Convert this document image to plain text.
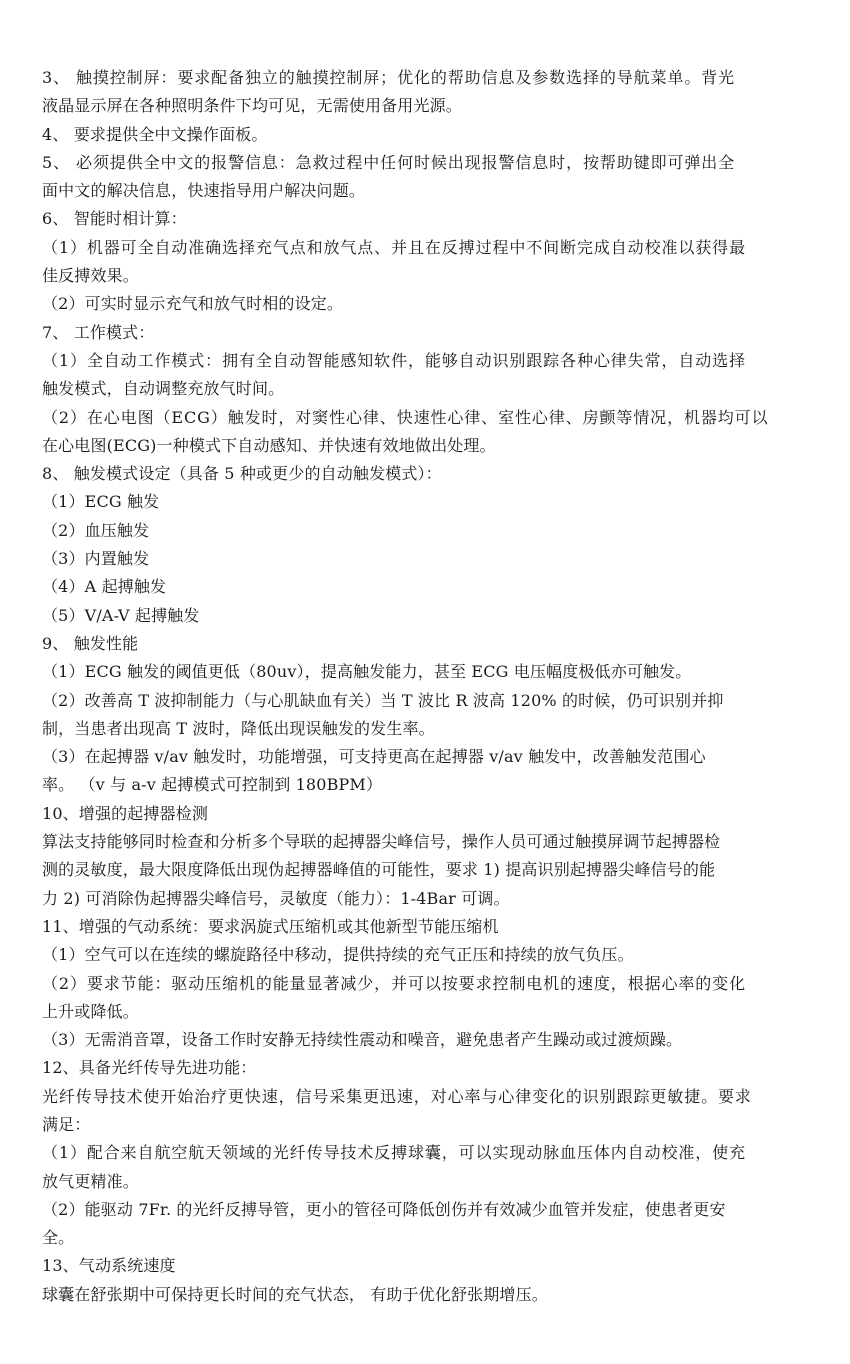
3、 触摸控制屏：要求配备独立的触摸控制屏；优化的帮助信息及参数选择的导航菜单。背光
液晶显示屏在各种照明条件下均可见，无需使用备用光源。
4、 要求提供全中文操作面板。
5、 必须提供全中文的报警信息：急救过程中任何时候出现报警信息时，按帮助键即可弹出全
面中文的解决信息，快速指导用户解决问题。
6、 智能时相计算：
（1）机器可全自动准确选择充气点和放气点、并且在反搏过程中不间断完成自动校准以获得最
佳反搏效果。
（2）可实时显示充气和放气时相的设定。
7、 工作模式：
（1）全自动工作模式：拥有全自动智能感知软件，能够自动识别跟踪各种心律失常，自动选择
触发模式，自动调整充放气时间。
（2）在心电图（ECG）触发时，对窦性心律、快速性心律、室性心律、房颤等情况，机器均可以
在心电图(ECG)一种模式下自动感知、并快速有效地做出处理。
8、 触发模式设定（具备 5 种或更少的自动触发模式）：
（1）ECG 触发
（2）血压触发
（3）内置触发
（4）A 起搏触发
（5）V/A-V 起搏触发
9、 触发性能
（1）ECG 触发的阈值更低（80uv），提高触发能力，甚至 ECG 电压幅度极低亦可触发。
（2）改善高 T 波抑制能力（与心肌缺血有关）当 T 波比 R 波高 120% 的时候，仍可识别并抑
制，当患者出现高 T 波时，降低出现误触发的发生率。
（3）在起搏器 v/av 触发时，功能增强，可支持更高在起搏器 v/av 触发中，改善触发范围心
率。 （v 与 a-v 起搏模式可控制到 180BPM）
10、增强的起搏器检测
算法支持能够同时检查和分析多个导联的起搏器尖峰信号，操作人员可通过触摸屏调节起搏器检
测的灵敏度，最大限度降低出现伪起搏器峰值的可能性，要求 1) 提高识别起搏器尖峰信号的能
力 2) 可消除伪起搏器尖峰信号，灵敏度（能力）：1-4Bar 可调。
11、增强的气动系统：要求涡旋式压缩机或其他新型节能压缩机
（1）空气可以在连续的螺旋路径中移动，提供持续的充气正压和持续的放气负压。
（2）要求节能：驱动压缩机的能量显著减少，并可以按要求控制电机的速度，根据心率的变化
上升或降低。
（3）无需消音罩，设备工作时安静无持续性震动和噪音，避免患者产生躁动或过渡烦躁。
12、具备光纤传导先进功能：
光纤传导技术使开始治疗更快速，信号采集更迅速，对心率与心律变化的识别跟踪更敏捷。要求
满足：
（1）配合来自航空航天领域的光纤传导技术反搏球囊，可以实现动脉血压体内自动校准，使充
放气更精准。
（2）能驱动 7Fr. 的光纤反搏导管，更小的管径可降低创伤并有效减少血管并发症，使患者更安
全。
13、气动系统速度
球囊在舒张期中可保持更长时间的充气状态， 有助于优化舒张期增压。
